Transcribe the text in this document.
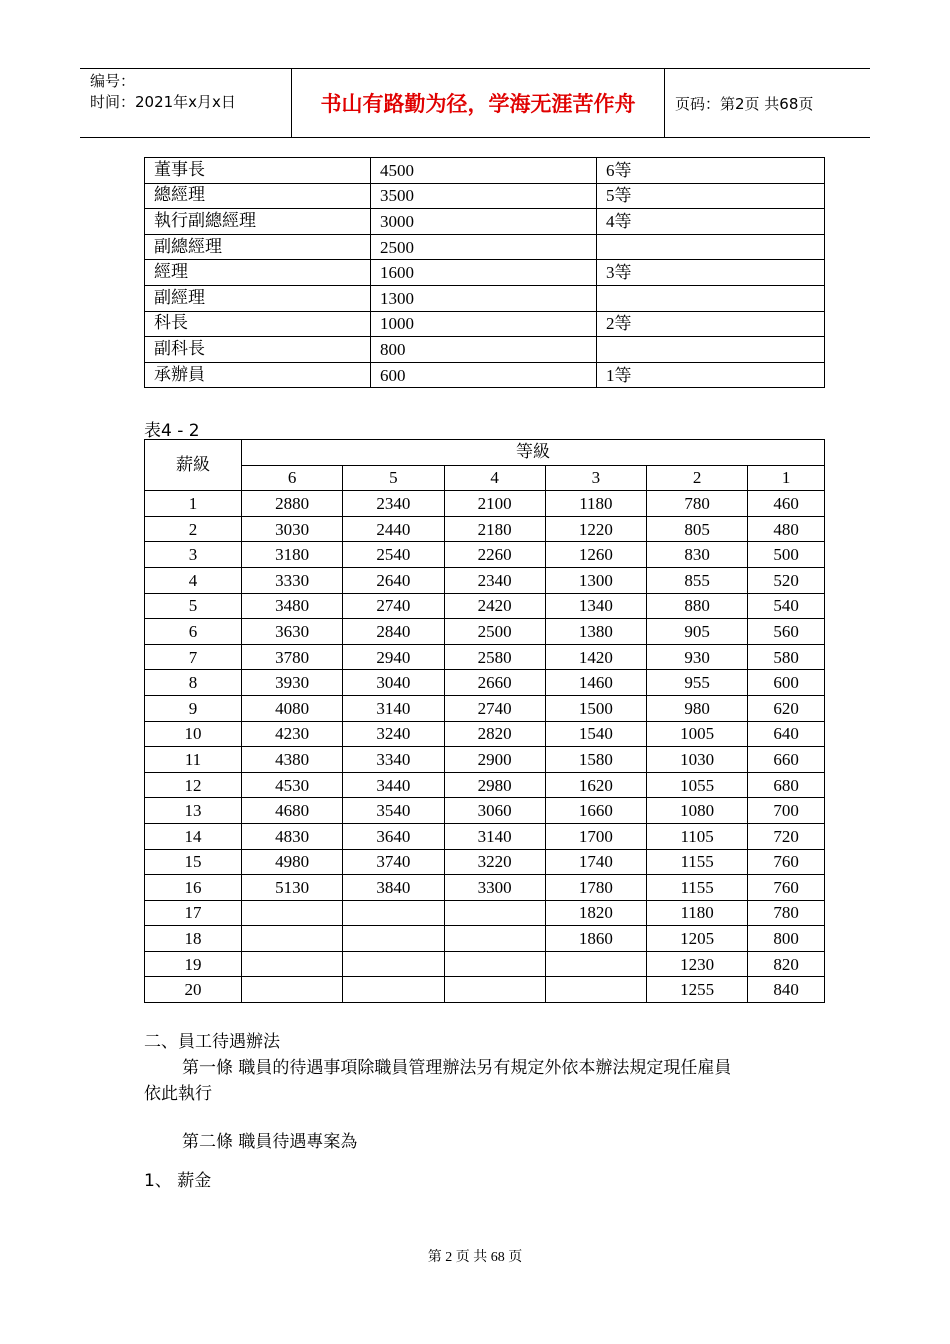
编号：
时间：2021年x月x日	书山有路勤为径，学海无涯苦作舟	页码：第2页 共68页
董事長	4500	6等
總經理	3500	5等
執行副總經理	3000	4等
副總經理	2500	
經理	1600	3等
副經理	1300	
科長	1000	2等
副科長	800	
承辦員	600	1等
表4 - 2
薪級	等級					
	6	5	4	3	2	1
1	2880	2340	2100	1180	780	460
2	3030	2440	2180	1220	805	480
3	3180	2540	2260	1260	830	500
4	3330	2640	2340	1300	855	520
5	3480	2740	2420	1340	880	540
6	3630	2840	2500	1380	905	560
7	3780	2940	2580	1420	930	580
8	3930	3040	2660	1460	955	600
9	4080	3140	2740	1500	980	620
10	4230	3240	2820	1540	1005	640
11	4380	3340	2900	1580	1030	660
12	4530	3440	2980	1620	1055	680
13	4680	3540	3060	1660	1080	700
14	4830	3640	3140	1700	1105	720
15	4980	3740	3220	1740	1155	760
16	5130	3840	3300	1780	1155	760
17				1820	1180	780
18				1860	1205	800
19					1230	820
20					1255	840
二、員工待遇辦法
第一條 職員的待遇事項除職員管理辦法另有規定外依本辦法規定現任雇員
依此執行
第二條 職員待遇專案為
1、 薪金
第 2 页 共 68 页
